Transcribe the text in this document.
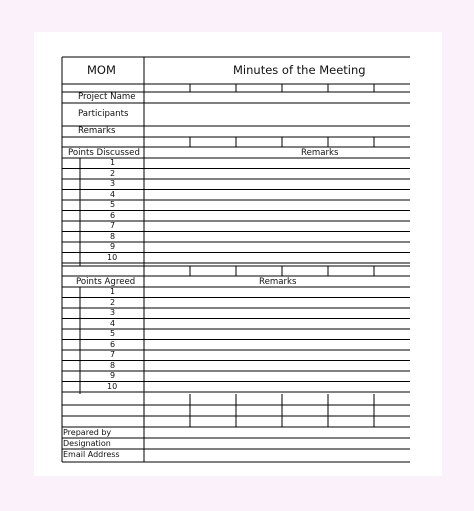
MOM	Minutes of the Meeting
Project Name
Participants
Remarks
Points Discussed	Remarks
1
2
3
4
5
6
7
8
9
10
Points Agreed	Remarks
1
2
3
4
5
6
7
8
9
10
Prepared by
Designation
Email Address
